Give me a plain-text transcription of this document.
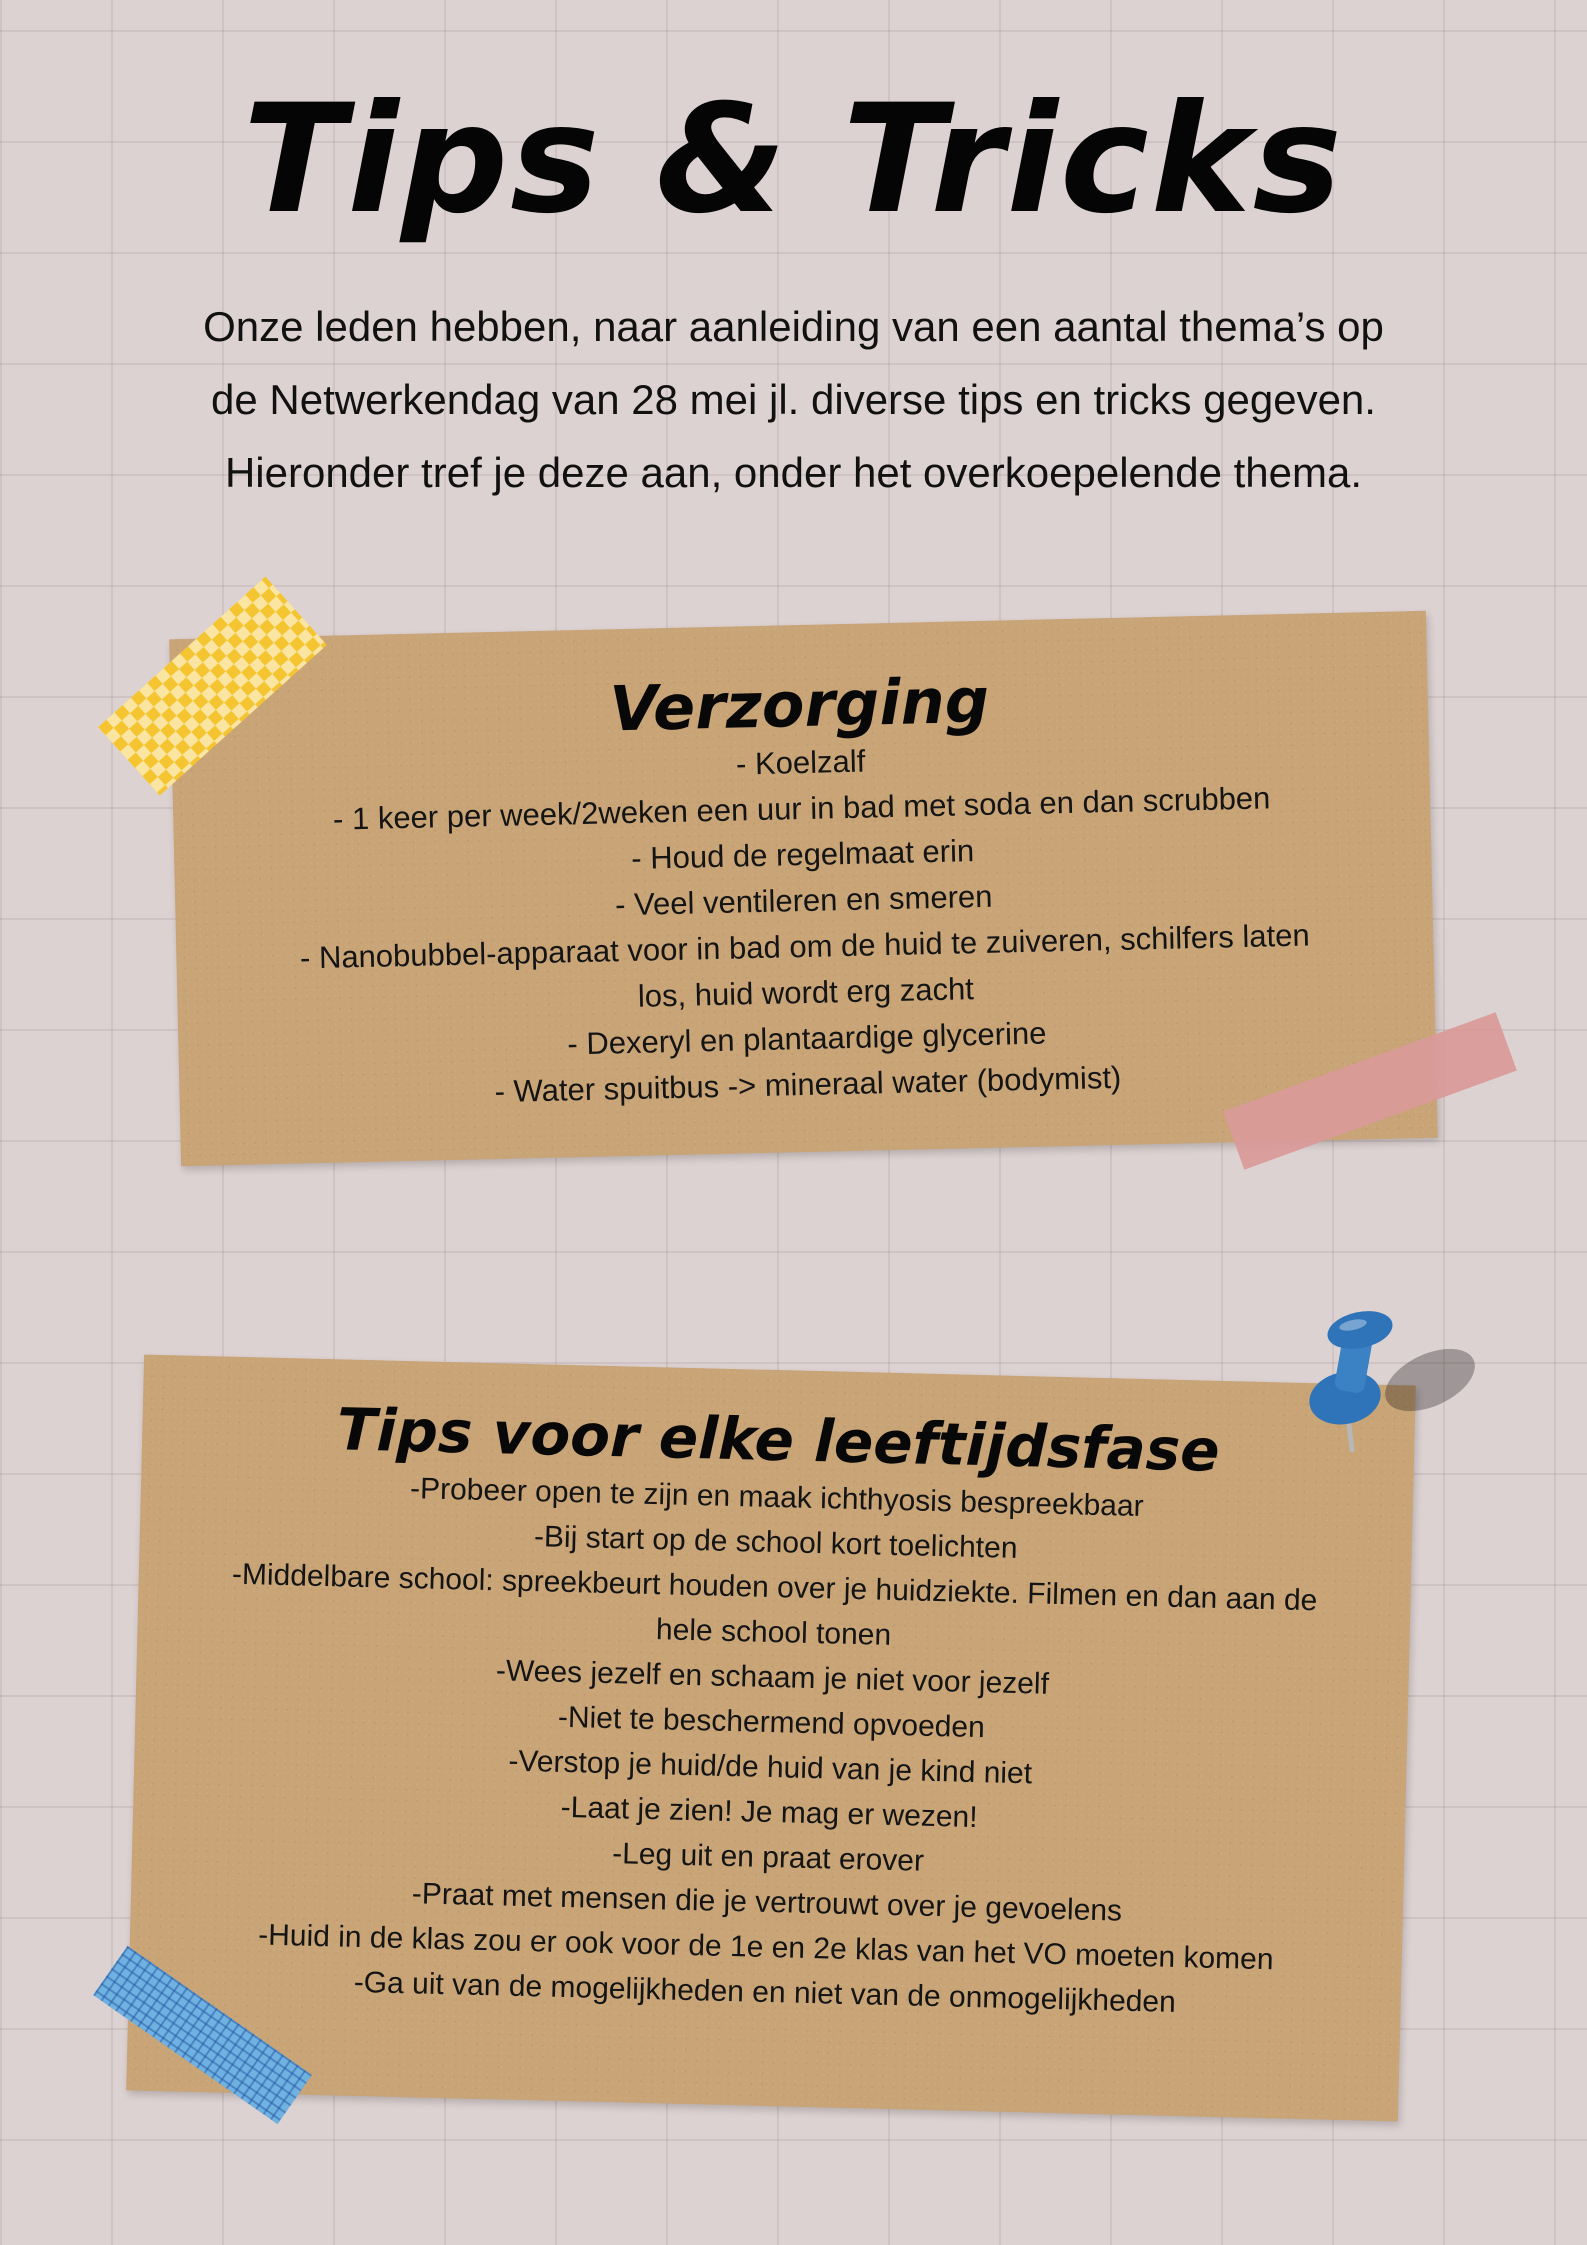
Tips & Tricks
Onze leden hebben, naar aanleiding van een aantal thema’s op
de Netwerkendag van 28 mei jl. diverse tips en tricks gegeven.
Hieronder tref je deze aan, onder het overkoepelende thema.
Verzorging
- Koelzalf
- 1 keer per week/2weken een uur in bad met soda en dan scrubben
- Houd de regelmaat erin
- Veel ventileren en smeren
- Nanobubbel-apparaat voor in bad om de huid te zuiveren, schilfers laten los, huid wordt erg zacht
- Dexeryl en plantaardige glycerine
- Water spuitbus -> mineraal water (bodymist)
Tips voor elke leeftijdsfase
-Probeer open te zijn en maak ichthyosis bespreekbaar
-Bij start op de school kort toelichten
-Middelbare school: spreekbeurt houden over je huidziekte. Filmen en dan aan de hele school tonen
-Wees jezelf en schaam je niet voor jezelf
-Niet te beschermend opvoeden
-Verstop je huid/de huid van je kind niet
-Laat je zien! Je mag er wezen!
-Leg uit en praat erover
-Praat met mensen die je vertrouwt over je gevoelens
-Huid in de klas zou er ook voor de 1e en 2e klas van het VO moeten komen
-Ga uit van de mogelijkheden en niet van de onmogelijkheden
